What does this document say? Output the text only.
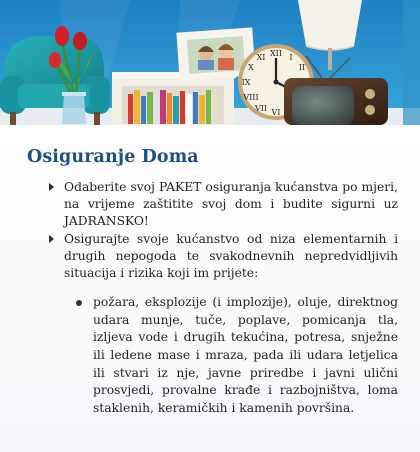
XII I
II
VI
VII
VIII
IX
X
XI
Osiguranje Doma

Odaberite svoj PAKET osiguranja kućanstva po mjeri, na vrijeme zaštitite svoj dom i budite sigurni uz JADRANSKO!

Osigurajte svoje kućanstvo od niza elementarnih i drugih nepogoda te svakodnevnih nepredvidljivih situacija i rizika koji im prijete:

požara, eksplozije (i implozije), oluje, direktnog udara munje, tuče, poplave, pomicanja tla, izljeva vode i drugih tekućina, potresa, snježne ili ledene mase i mraza, pada ili udara letjelica ili stvari iz nje, javne priredbe i javni ulični prosvjedi, provalne krađe i razbojništva, loma staklenih, keramičkih i kamenih površina.
